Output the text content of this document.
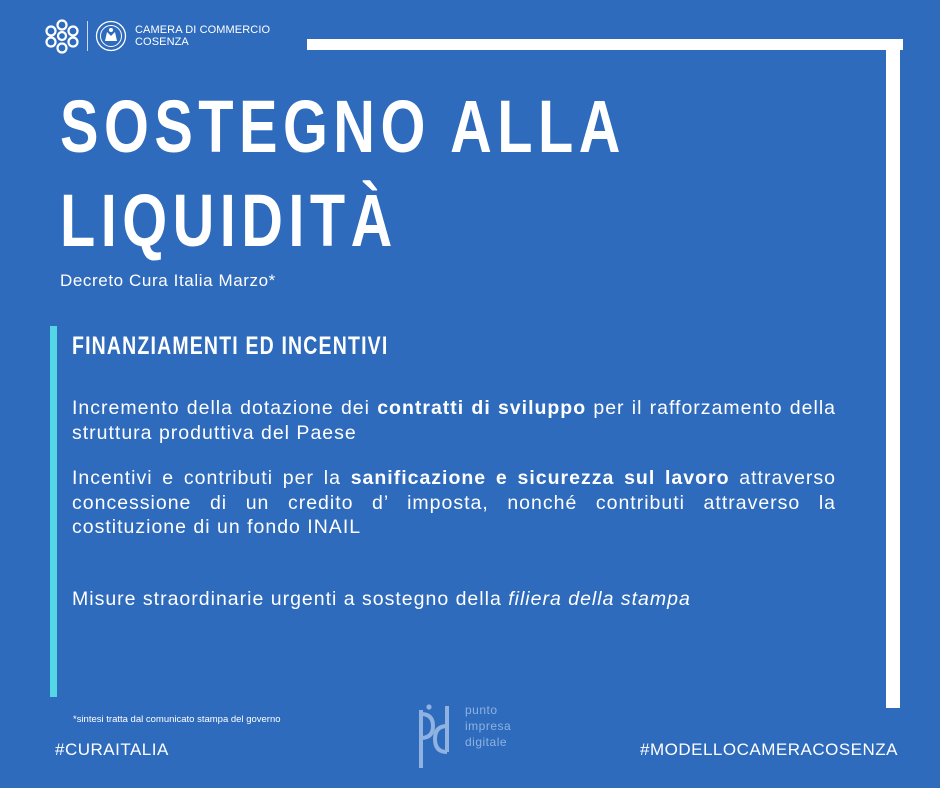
CAMERA DI COMMERCIO
COSENZA
SOSTEGNO ALLA
LIQUIDITÀ
Decreto Cura Italia Marzo*
FINANZIAMENTI ED INCENTIVI

Incremento della dotazione dei contratti di sviluppo per il rafforzamento della struttura produttiva del Paese

Incentivi e contributi per la sanificazione e sicurezza sul lavoro attraverso concessione di un credito d’ imposta, nonché contributi attraverso la costituzione di un fondo INAIL

Misure straordinarie urgenti a sostegno della filiera della stampa

*sintesi tratta dal comunicato stampa del governo
#CURAITALIA	#MODELLOCAMERACOSENZA
punto
impresa
digitale
